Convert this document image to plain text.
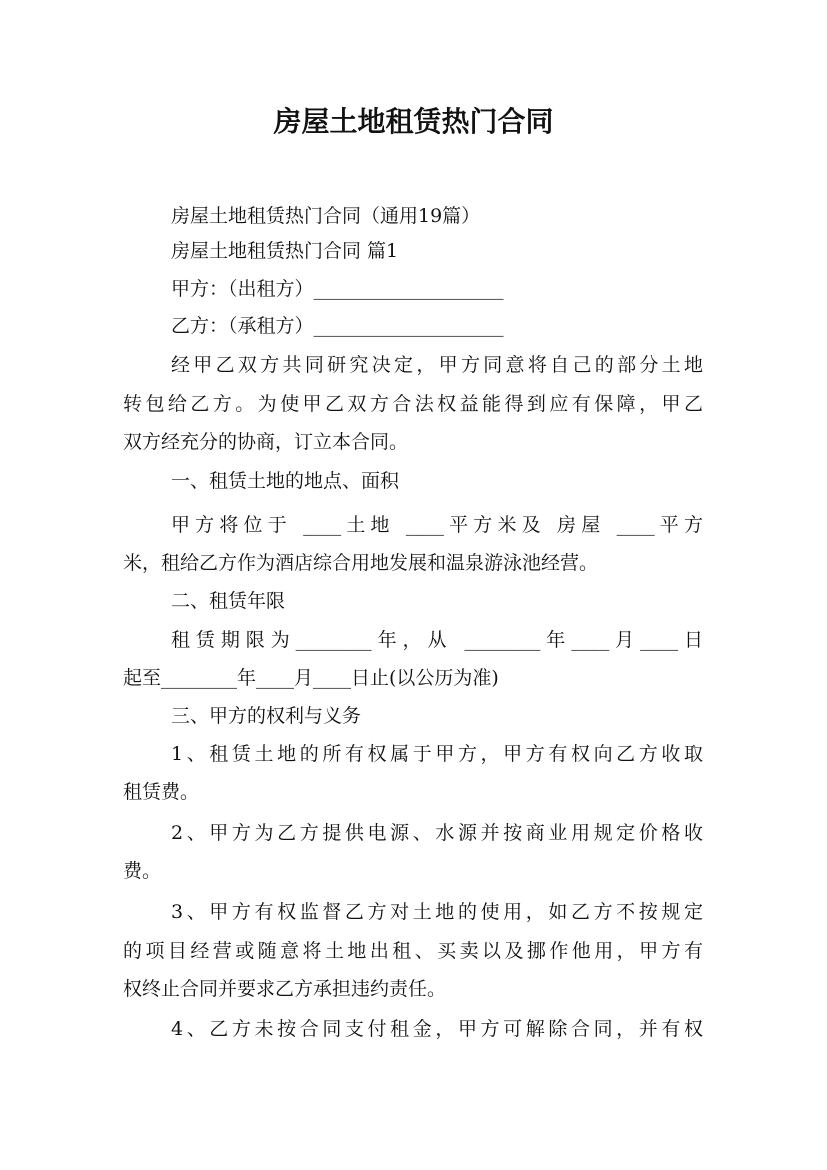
房屋土地租赁热门合同
房屋土地租赁热门合同（通用19篇）
房屋土地租赁热门合同 篇1
甲方：（出租方）____________________
乙方：（承租方）____________________
经甲乙双方共同研究决定，甲方同意将自己的部分土地
转包给乙方。为使甲乙双方合法权益能得到应有保障，甲乙
双方经充分的协商，订立本合同。
一、租赁土地的地点、面积
甲方将位于 ____土地 ____平方米及 房屋 ____平方
米，租给乙方作为酒店综合用地发展和温泉游泳池经营。
二、租赁年限
租赁期限为________年，从 ________年____月____日
起至________年____月____日止(以公历为准)
三、甲方的权利与义务
1、租赁土地的所有权属于甲方，甲方有权向乙方收取
租赁费。
2、甲方为乙方提供电源、水源并按商业用规定价格收
费。
3、甲方有权监督乙方对土地的使用，如乙方不按规定
的项目经营或随意将土地出租、买卖以及挪作他用，甲方有
权终止合同并要求乙方承担违约责任。
4、乙方未按合同支付租金，甲方可解除合同，并有权
